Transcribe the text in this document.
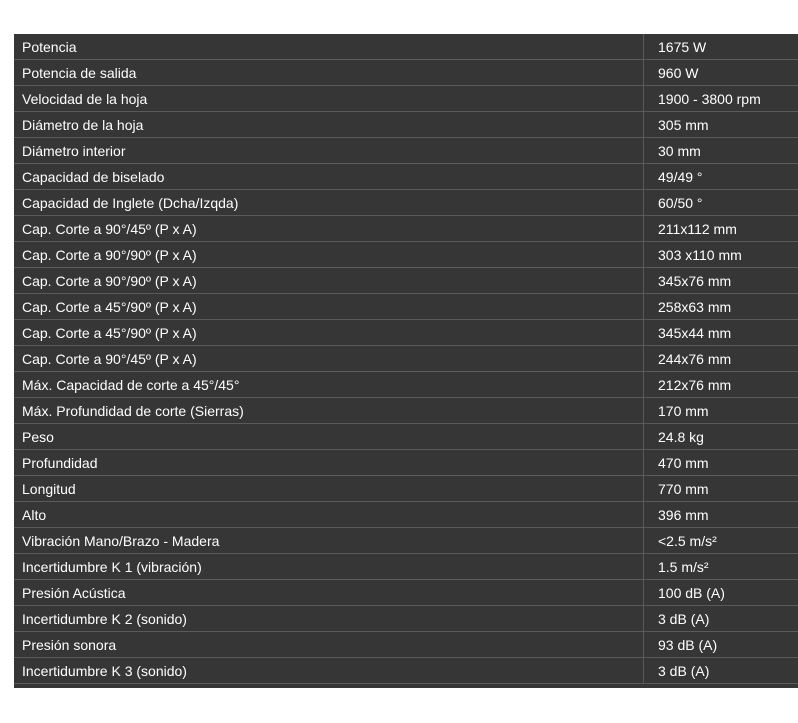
Potencia	1675 W
Potencia de salida	960 W
Velocidad de la hoja	1900 - 3800 rpm
Diámetro de la hoja	305 mm
Diámetro interior	30 mm
Capacidad de biselado	49/49 °
Capacidad de Inglete (Dcha/Izqda)	60/50 °
Cap. Corte a 90°/45º (P x A)	211x112 mm
Cap. Corte a 90°/90º (P x A)	303 x110 mm
Cap. Corte a 90°/90º (P x A)	345x76 mm
Cap. Corte a 45°/90º (P x A)	258x63 mm
Cap. Corte a 45°/90º (P x A)	345x44 mm
Cap. Corte a 90°/45º (P x A)	244x76 mm
Máx. Capacidad de corte a 45°/45°	212x76 mm
Máx. Profundidad de corte (Sierras)	170 mm
Peso	24.8 kg
Profundidad	470 mm
Longitud	770 mm
Alto	396 mm
Vibración Mano/Brazo - Madera	<2.5 m/s²
Incertidumbre K 1 (vibración)	1.5 m/s²
Presión Acústica	100 dB (A)
Incertidumbre K 2 (sonido)	3 dB (A)
Presión sonora	93 dB (A)
Incertidumbre K 3 (sonido)	3 dB (A)
